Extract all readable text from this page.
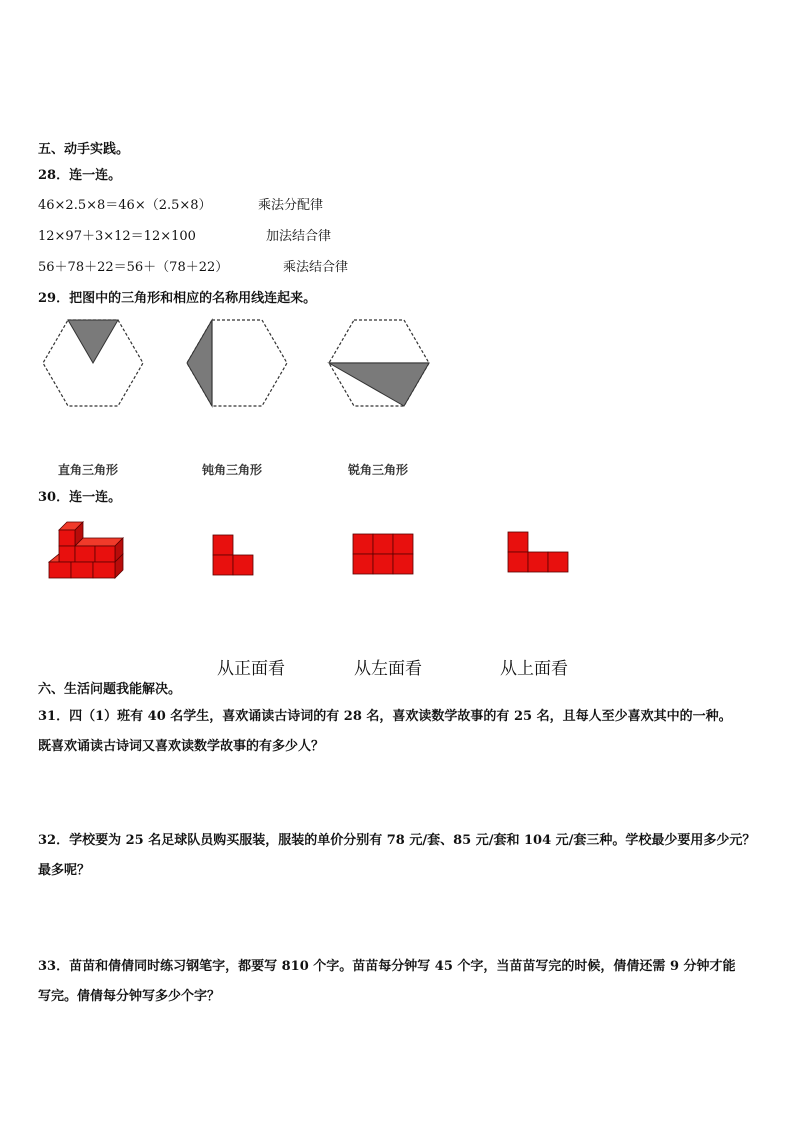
五、动手实践。
28．连一连。
46×2.5×8＝46×（2.5×8）	乘法分配律
12×97＋3×12＝12×100	加法结合律
56＋78＋22＝56＋（78＋22）	乘法结合律
29．把图中的三角形和相应的名称用线连起来。
直角三角形	钝角三角形	锐角三角形
30．连一连。
从正面看	从左面看	从上面看
六、生活问题我能解决。
31．四（1）班有 40 名学生，喜欢诵读古诗词的有 28 名，喜欢读数学故事的有 25 名，且每人至少喜欢其中的一种。
既喜欢诵读古诗词又喜欢读数学故事的有多少人？
32．学校要为 25 名足球队员购买服装，服装的单价分别有 78 元/套、85 元/套和 104 元/套三种。学校最少要用多少元？
最多呢？
33．苗苗和倩倩同时练习钢笔字，都要写 810 个字。苗苗每分钟写 45 个字，当苗苗写完的时候，倩倩还需 9 分钟才能
写完。倩倩每分钟写多少个字？
